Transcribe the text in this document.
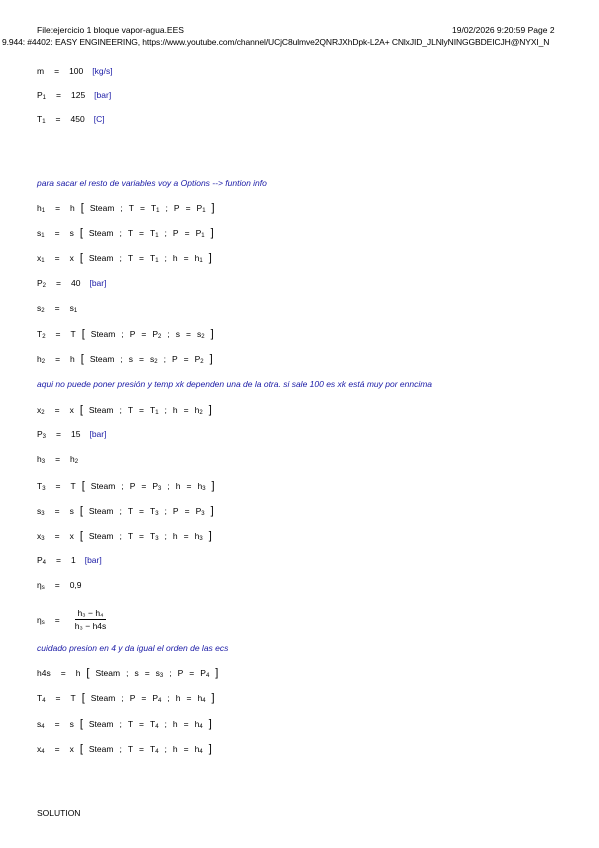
File:ejercicio 1 bloque vapor-agua.EES	19/02/2026 9:20:59 Page 2
9.944: #4402: EASY ENGINEERING, https://www.youtube.com/channel/UCjC8ulmve2QNRJXhDpk-L2A+ CNlxJID_JLNlyNINGGBDEICJH@NYXI_N
m = 100 [kg/s]
P 1 = 125 [bar]
T 1 = 450 [C]
para sacar el resto de variables voy a Options --> funtion info
h 1 = h [ Steam ; T = T 1 ; P = P 1 ]
s 1 = s [ Steam ; T = T 1 ; P = P 1 ]
x 1 = x [ Steam ; T = T 1 ; h = h 1 ]
P 2 = 40 [bar]
s 2 = s 1
T 2 = T [ Steam ; P = P 2 ; s = s 2 ]
h 2 = h [ Steam ; s = s 2 ; P = P 2 ]
aqui no puede poner presión y temp xk dependen una de la otra. si sale 100 es xk está muy por enncima
x 2 = x [ Steam ; T = T 1 ; h = h 2 ]
P 3 = 15 [bar]
h 3 = h 2
T 3 = T [ Steam ; P = P 3 ; h = h 3 ]
s 3 = s [ Steam ; T = T 3 ; P = P 3 ]
x 3 = x [ Steam ; T = T 3 ; h = h 3 ]
P 4 = 1 [bar]
η s = 0,9
η $s = \frac{\text{h₃ − h₄}}{\text{h₃ − h4s}}$
cuidado presion en 4 y da igual el orden de las ecs
h4s = h [ Steam ; s = s 3 ; P = P 4 ]
T 4 = T [ Steam ; P = P 4 ; h = h 4 ]
s 4 = s [ Steam ; T = T 4 ; h = h 4 ]
x 4 = x [ Steam ; T = T 4 ; h = h 4 ]
SOLUTION
